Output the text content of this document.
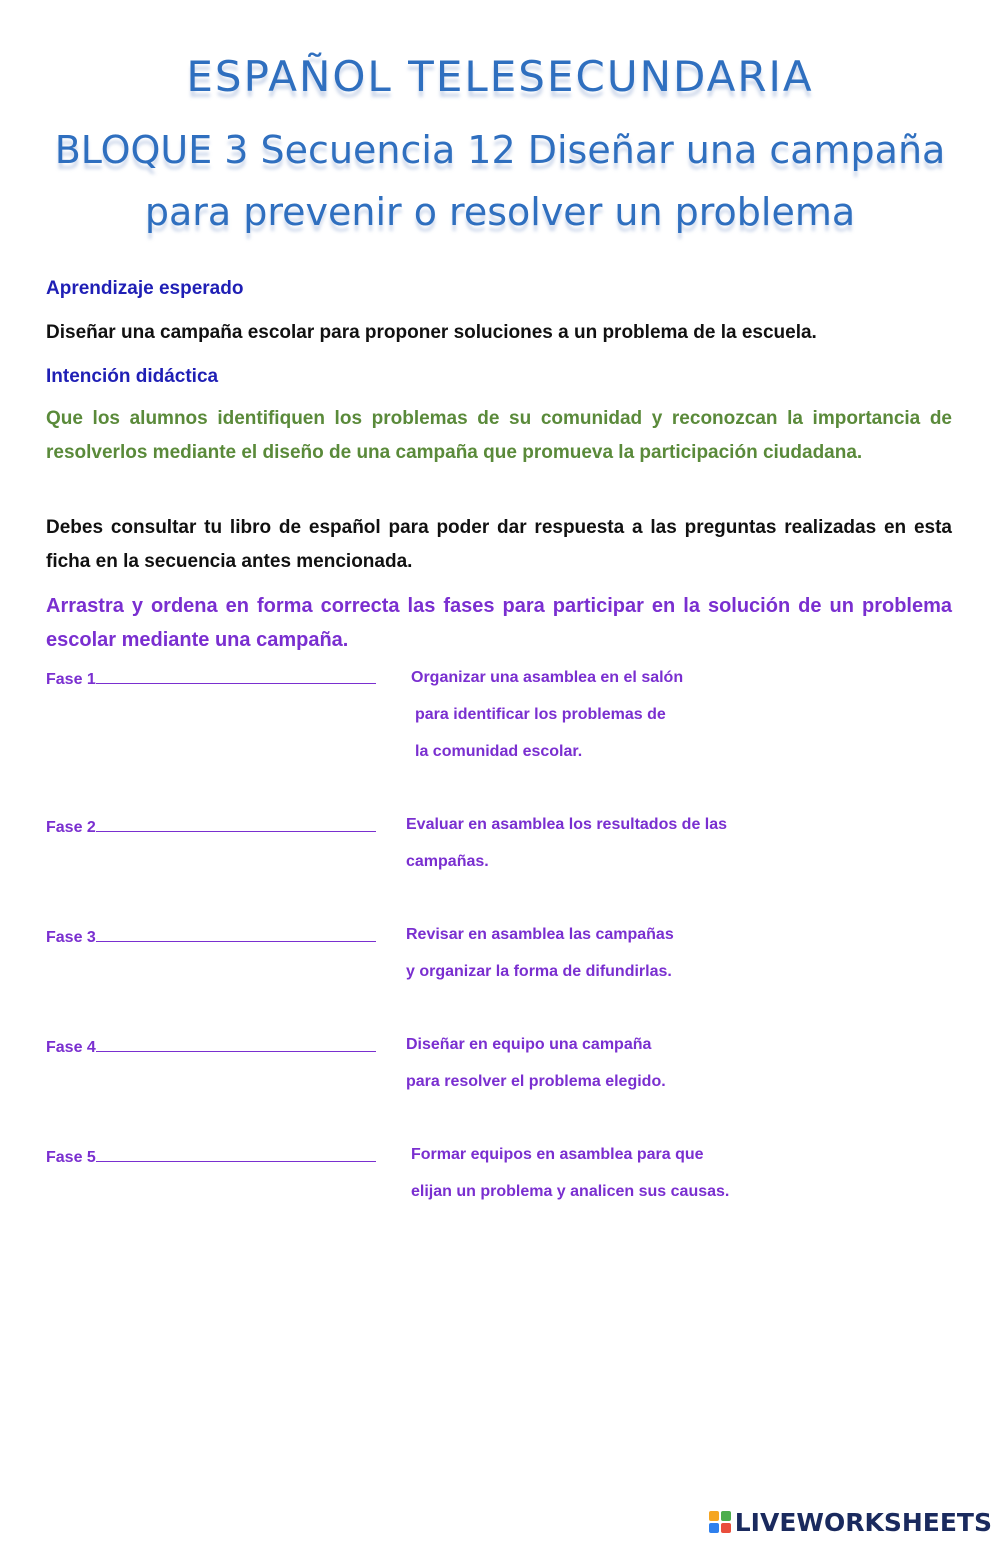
ESPAÑOL TELESECUNDARIA
BLOQUE 3 Secuencia 12 Diseñar una campaña
para prevenir o resolver un problema
Aprendizaje esperado
Diseñar una campaña escolar para proponer soluciones a un problema de la escuela.
Intención didáctica
Que los alumnos identifiquen los problemas de su comunidad y reconozcan la importancia de resolverlos mediante el diseño de una campaña que promueva la participación ciudadana.
Debes consultar tu libro de español para poder dar respuesta a las preguntas realizadas en esta ficha en la secuencia antes mencionada.
Arrastra y ordena en forma correcta las fases para participar en la solución de un problema escolar mediante una campaña.
Fase 1
Fase 2
Fase 3
Fase 4
Fase 5
Organizar una asamblea en el salón
para identificar los problemas de
la comunidad escolar.
Evaluar en asamblea los resultados de las
campañas.
Revisar en asamblea las campañas
y organizar la forma de difundirlas.
Diseñar en equipo una campaña
para resolver el problema elegido.
Formar equipos en asamblea para que
elijan un problema y analicen sus causas.
LIVEWORKSHEETS
